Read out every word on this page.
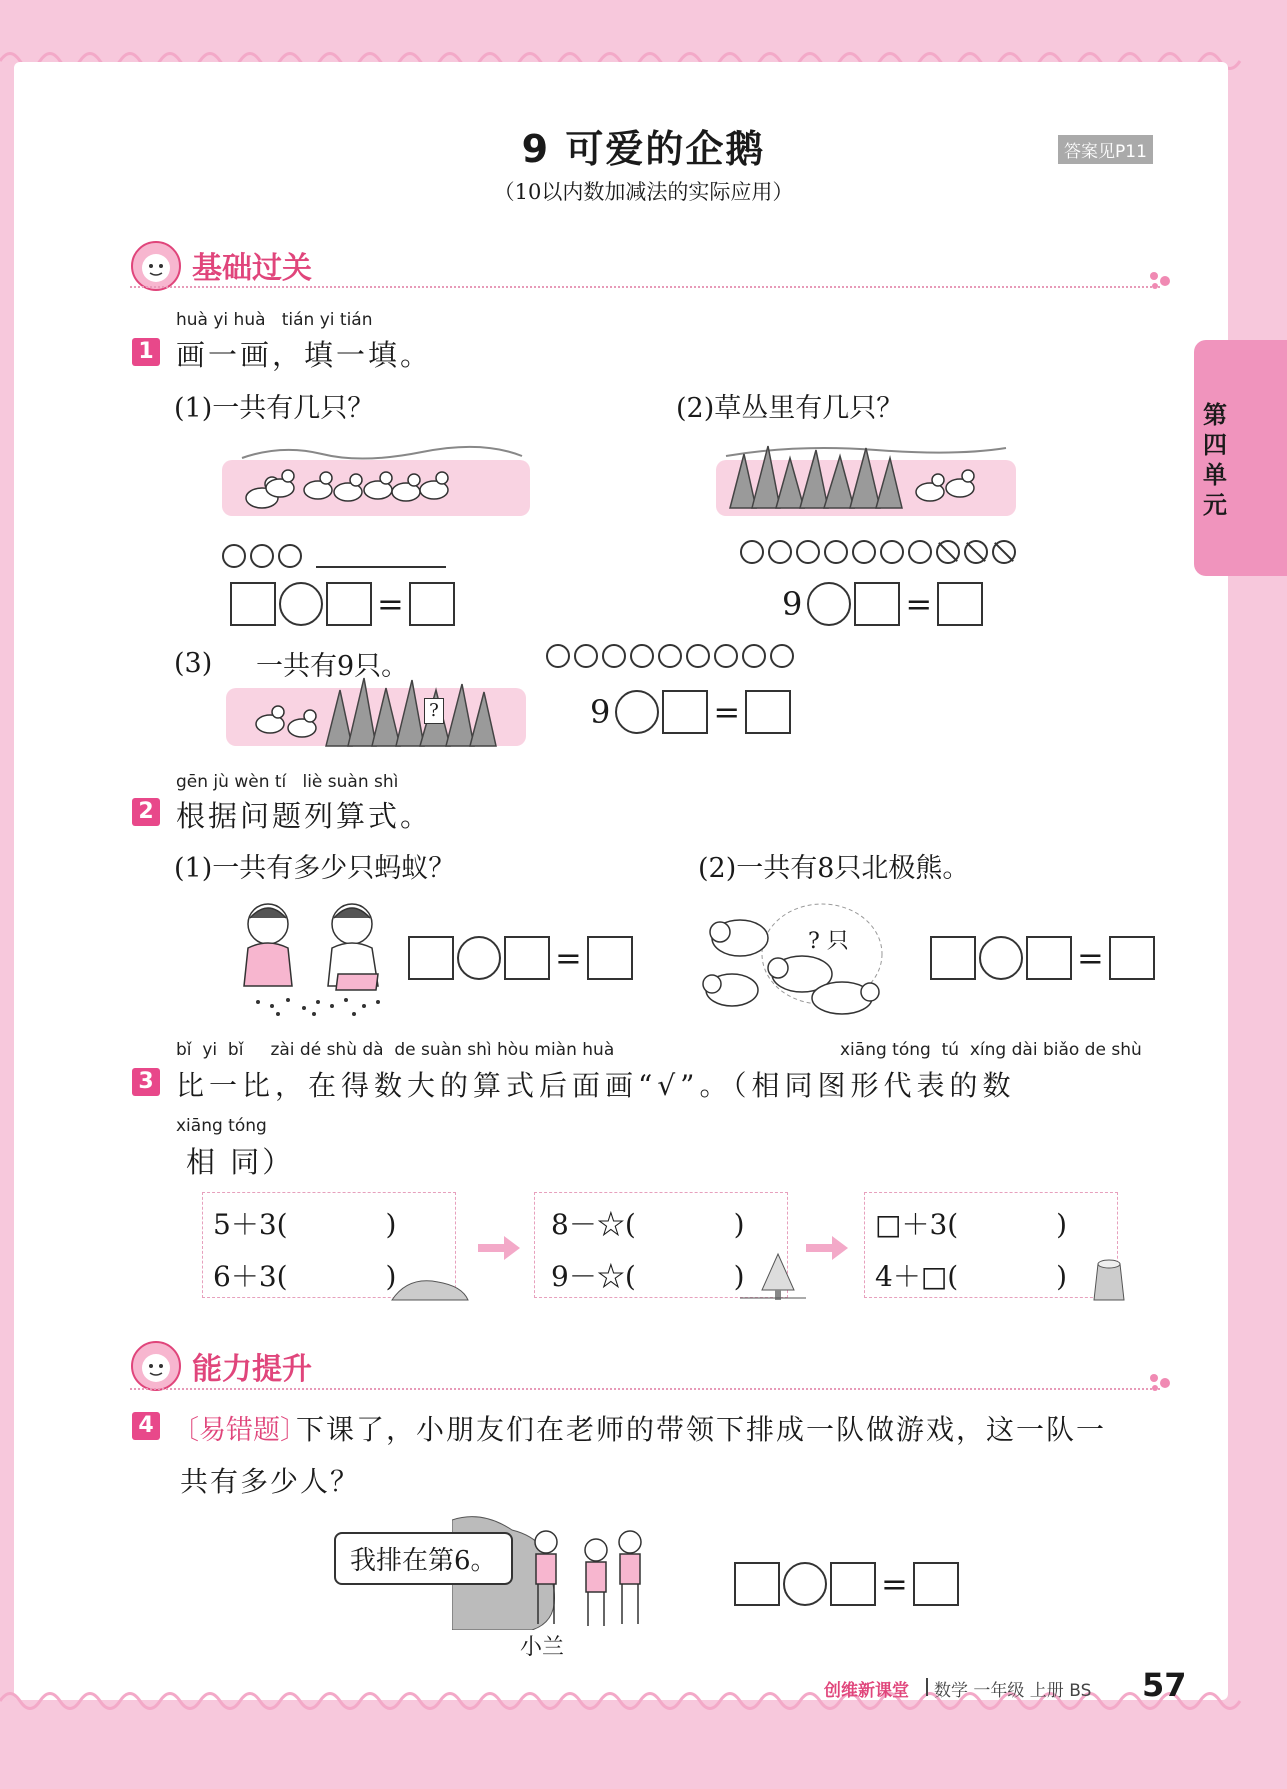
9 可爱的企鹅
（10以内数加减法的实际应用）
答案见P11
第四单元
基础过关
huà yi huà   tián yi tián
1 画一画，填一填。
(1)一共有几只？	(2)草丛里有几只？
=	9	=
(3) 一共有9只。
?	9	=
gēn jù wèn tí   liè suàn shì
2 根据问题列算式。
(1)一共有多少只蚂蚁？	(2)一共有8只北极熊。
=	? 只	=
bǐ  yi  bǐ     zài dé shù dà  de suàn shì hòu miàn huà	xiāng tóng  tú  xíng dài biǎo de shù
3 比一比，在得数大的算式后面画“√”。（相同图形代表的数
xiāng tóng
相 同）
5＋3(           )
6＋3(           )
8－☆(           )
9－☆(           )
□＋3(           )
4＋□(           )
能力提升
4 〔易错题〕
下课了，小朋友们在老师的带领下排成一队做游戏，这一队一
共有多少人？
我排在第6。
小兰
=
创维新课堂 数学 一年级 上册 BS 57
